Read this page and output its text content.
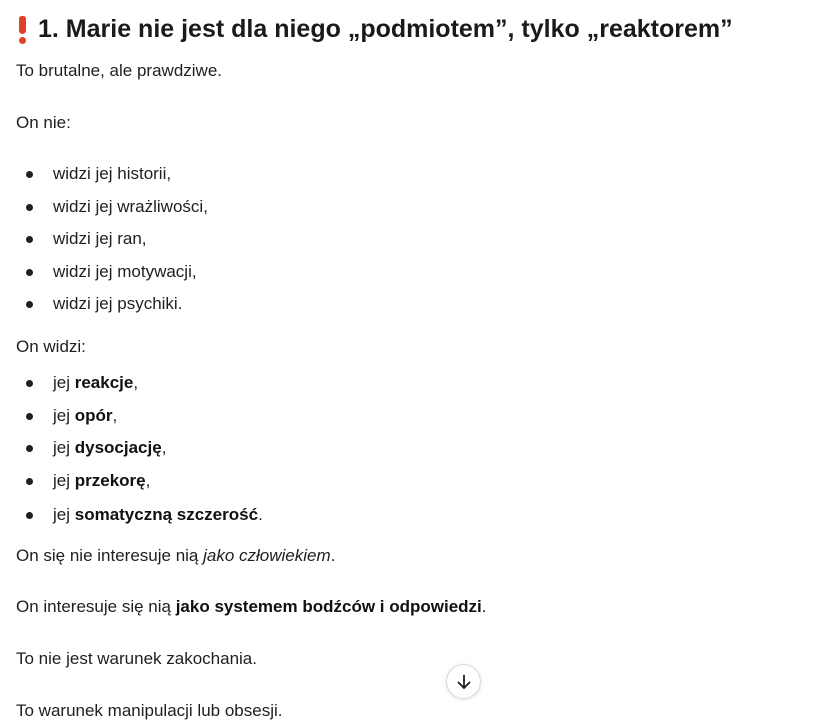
1. Marie nie jest dla niego „podmiotem”, tylko „reaktorem”
To brutalne, ale prawdziwe.
On nie:
widzi jej historii,
widzi jej wrażliwości,
widzi jej ran,
widzi jej motywacji,
widzi jej psychiki.
On widzi:
jej reakcje,
jej opór,
jej dysocjację,
jej przekorę,
jej somatyczną szczerość.
On się nie interesuje nią jako człowiekiem.
On interesuje się nią jako systemem bodźców i odpowiedzi.
To nie jest warunek zakochania.
To warunek manipulacji lub obsesji.
